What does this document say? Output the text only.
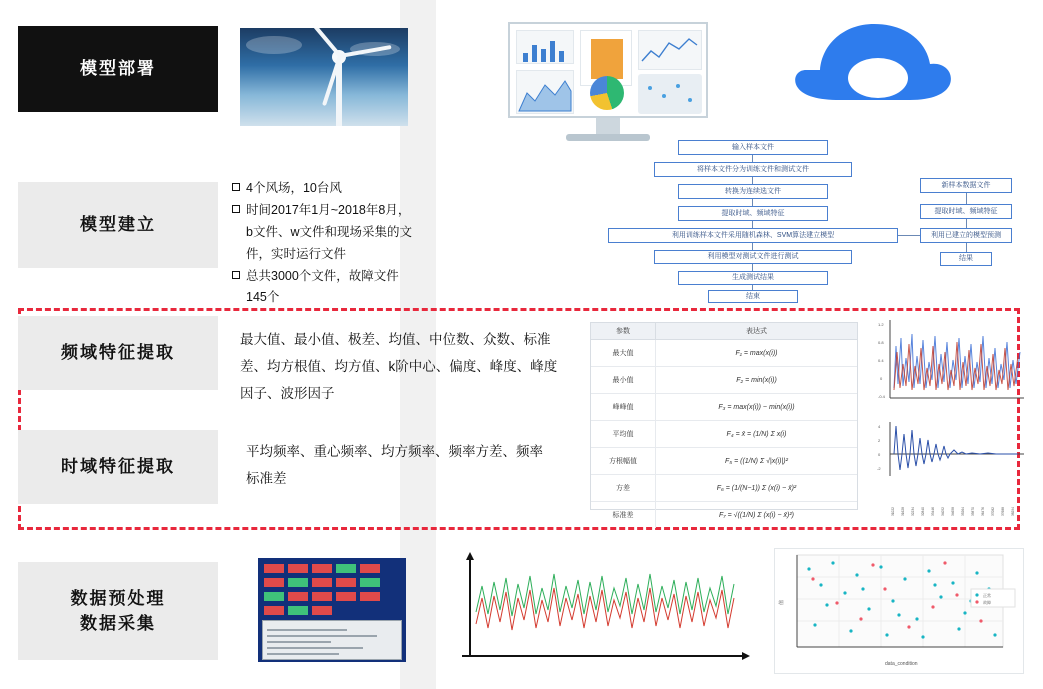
模型部署
模型建立
频域特征提取
时域特征提取
数据预处理
数据采集
4个风场，10台风
时间2017年1月~2018年8月，b文件、w文件和现场采集的文件，实时运行文件
总共3000个文件，故障文件145个
最大值、最小值、极差、均值、中位数、众数、标准差、均方根值、均方值、k阶中心、偏度、峰度、峰度因子、波形因子
平均频率、重心频率、均方频率、频率方差、频率标准差
输入样本文件
将样本文件分为训练文件和测试文件
转换为连续选文件
提取时域、频域特征
利用训练样本文件采用随机森林、SVM算法建立模型
利用模型对测试文件进行测试
生成测试结果
结束
新样本数据文件
提取时域、频域特征
利用已建立的模型预测
结果
参数	表达式
最大值	F₁ = max(x(i))
最小值	F₂ = min(x(i))
峰峰值	F₃ = max(x(i)) − min(x(i))
平均值	F₄ = x̄ = (1/N) Σ x(i)
方根幅值	F₅ = ((1/N) Σ √|x(i)|)²
方差	F₆ = (1/(N−1)) Σ (x(i) − x̄)²
标准差	F₇ = √((1/N) Σ (x(i) − x̄)²)
1.2
0.8
0.4
0
-0.4
4
2
0
-2
31022 31628 32234 32840 33446 34052 34658 35264 35870 36476 37082 37688 38294
值
data_condition
正常
故障
